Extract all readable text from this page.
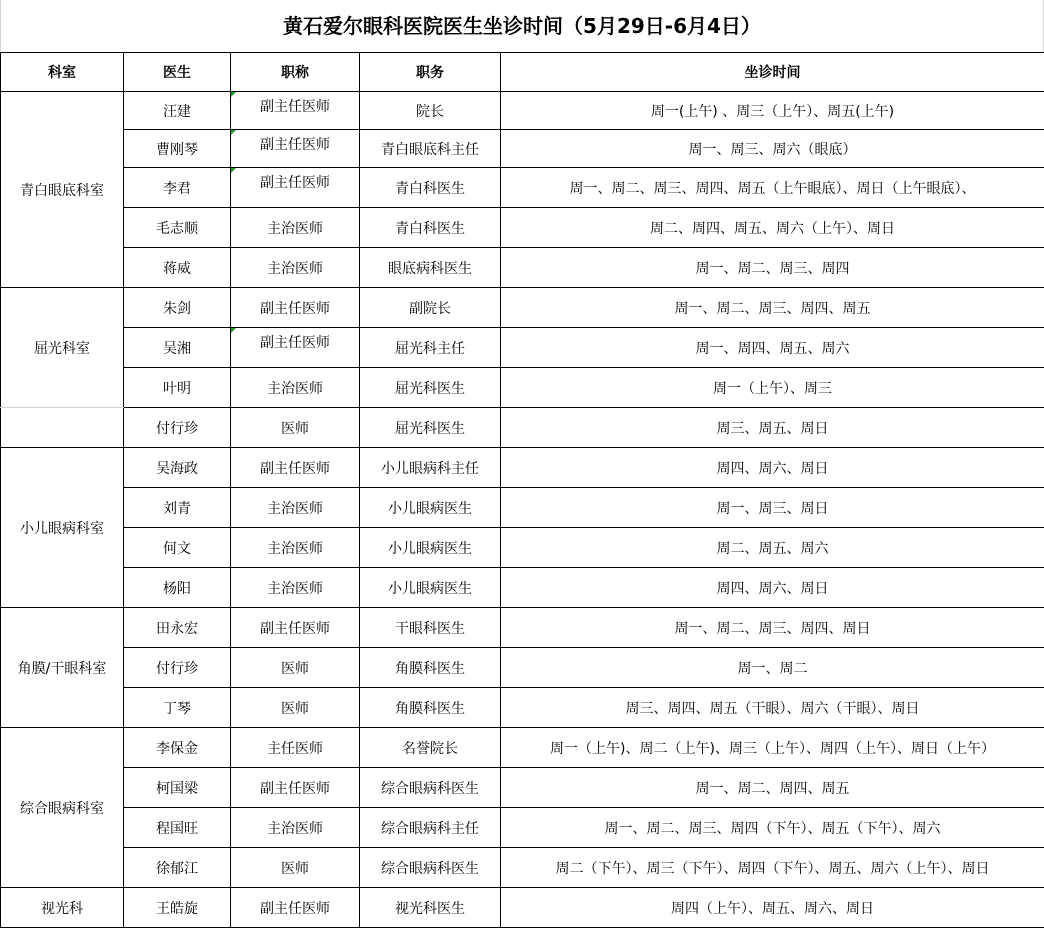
黄石爱尔眼科医院医生坐诊时间（5月29日-6月4日）
科室	医生	职称	职务	坐诊时间
青白眼底科室	汪建	副主任医师	院长	周一(上午) 、周三（上午）、周五(上午)
	曹刚琴	副主任医师	青白眼底科主任	周一、周三、周六（眼底）
	李君	副主任医师	青白科医生	周一、周二、周三、周四、周五（上午眼底）、周日（上午眼底）、
	毛志顺	主治医师	青白科医生	周二、周四、周五、周六（上午）、周日
	蒋威	主治医师	眼底病科医生	周一、周二、周三、周四
屈光科室	朱剑	副主任医师	副院长	周一、周二、周三、周四、周五
	吴湘	副主任医师	屈光科主任	周一、周四、周五、周六
	叶明	主治医师	屈光科医生	周一（上午）、周三
	付行珍	医师	屈光科医生	周三、周五、周日
小儿眼病科室	吴海政	副主任医师	小儿眼病科主任	周四、周六、周日
	刘青	主治医师	小儿眼病医生	周一、周三、周日
	何文	主治医师	小儿眼病医生	周二、周五、周六
	杨阳	主治医师	小儿眼病医生	周四、周六、周日
角膜/干眼科室	田永宏	副主任医师	干眼科医生	周一、周二、周三、周四、周日
	付行珍	医师	角膜科医生	周一、周二
	丁琴	医师	角膜科医生	周三、周四、周五（干眼）、周六（干眼）、周日
综合眼病科室	李保金	主任医师	名誉院长	周一（上午)、周二（上午)、周三（上午）、周四（上午）、周日（上午）
	柯国梁	副主任医师	综合眼病科医生	周一、周二、周四、周五
	程国旺	主治医师	综合眼病科主任	周一、周二、周三、周四（下午）、周五（下午）、周六
	徐郁江	医师	综合眼病科医生	周二（下午）、周三（下午）、周四（下午）、周五、周六（上午）、周日
视光科	王皓旋	副主任医师	视光科医生	周四（上午）、周五、周六、周日
